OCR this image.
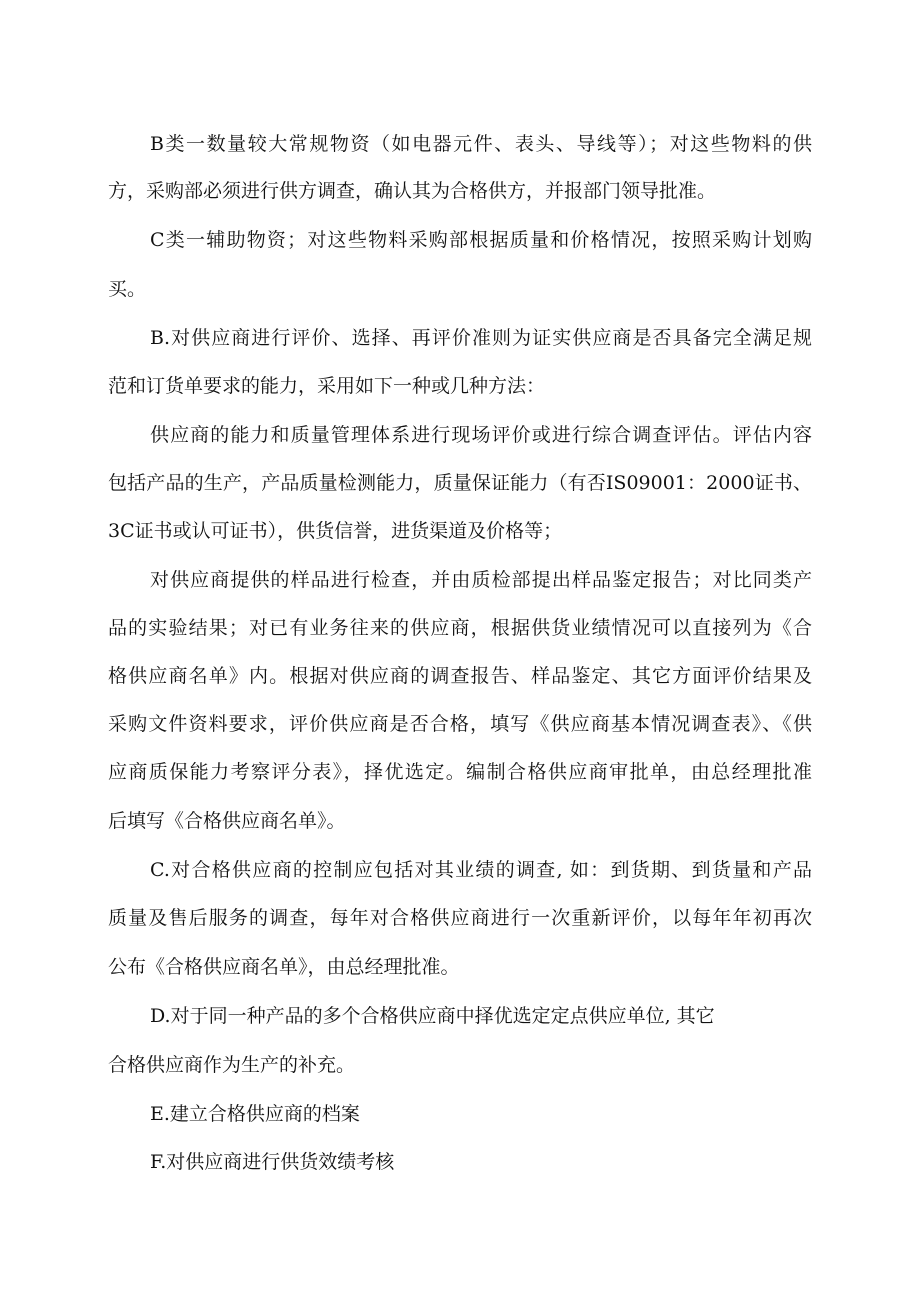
B类一数量较大常规物资（如电器元件、表头、导线等）；对这些物料的供
方，采购部必须进行供方调查，确认其为合格供方，并报部门领导批准。
C类一辅助物资；对这些物料采购部根据质量和价格情况，按照采购计划购
买。
B.对供应商进行评价、选择、再评价准则为证实供应商是否具备完全满足规
范和订货单要求的能力，采用如下一种或几种方法：
供应商的能力和质量管理体系进行现场评价或进行综合调查评估。评估内容
包括产品的生产，产品质量检测能力，质量保证能力（有否IS09001：2000证书、
3C证书或认可证书），供货信誉，进货渠道及价格等；
对供应商提供的样品进行检查，并由质检部提出样品鉴定报告；对比同类产
品的实验结果；对已有业务往来的供应商，根据供货业绩情况可以直接列为《合
格供应商名单》内。根据对供应商的调查报告、样品鉴定、其它方面评价结果及
采购文件资料要求，评价供应商是否合格，填写《供应商基本情况调查表》、《供
应商质保能力考察评分表》，择优选定。编制合格供应商审批单，由总经理批准
后填写《合格供应商名单》。
C.对合格供应商的控制应包括对其业绩的调查, 如：到货期、到货量和产品
质量及售后服务的调查，每年对合格供应商进行一次重新评价，以每年年初再次
公布《合格供应商名单》，由总经理批准。
D.对于同一种产品的多个合格供应商中择优选定定点供应单位, 其它
合格供应商作为生产的补充。
E.建立合格供应商的档案
F.对供应商进行供货效绩考核
